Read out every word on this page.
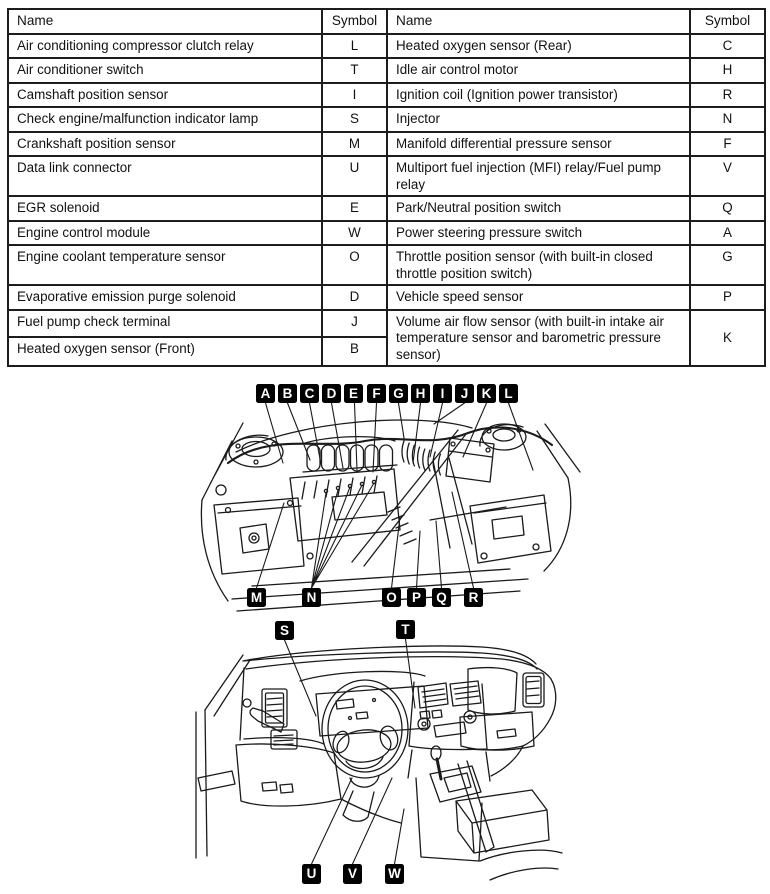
Name	Symbol	Name	Symbol
Air conditioning compressor clutch relay	L	Heated oxygen sensor (Rear)	C
Air conditioner switch	T	Idle air control motor	H
Camshaft position sensor	I	Ignition coil (Ignition power transistor)	R
Check engine/malfunction indicator lamp	S	Injector	N
Crankshaft position sensor	M	Manifold differential pressure sensor	F
Data link connector	U	Multiport fuel injection (MFI) relay/Fuel pump relay	V
EGR solenoid	E	Park/Neutral position switch	Q
Engine control module	W	Power steering pressure switch	A
Engine coolant temperature sensor	O	Throttle position sensor (with built-in closed throttle position switch)	G
Evaporative emission purge solenoid	D	Vehicle speed sensor	P
Fuel pump check terminal	J	Volume air flow sensor (with built-in intake air temperature sensor and barometric pressure sensor)	K
Heated oxygen sensor (Front)	B		
A B C D E	F G H	I	J K L
M	N	O	P	Q	R
S	T
U	V	W
